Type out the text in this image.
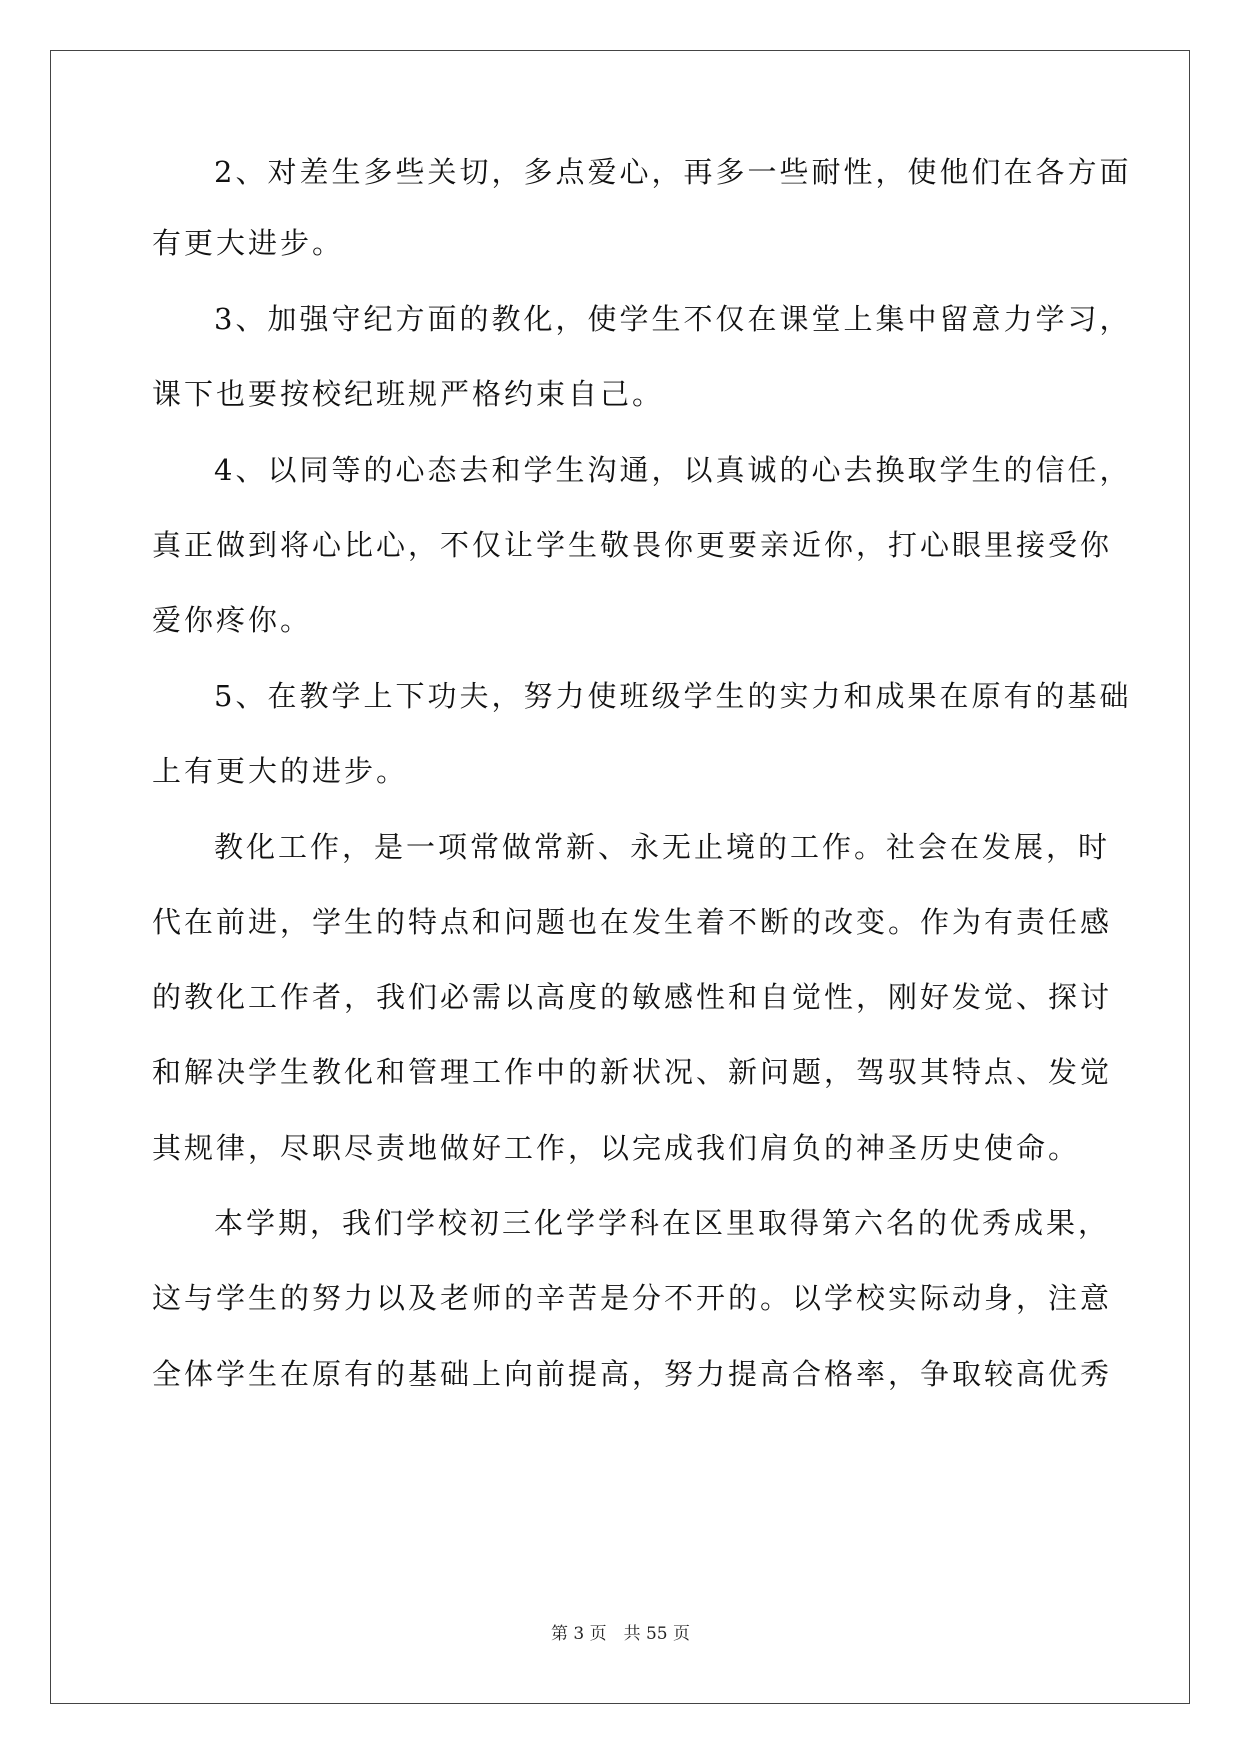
2、对差生多些关切，多点爱心，再多一些耐性，使他们在各方面
有更大进步。
3、加强守纪方面的教化，使学生不仅在课堂上集中留意力学习，
课下也要按校纪班规严格约束自己。
4、以同等的心态去和学生沟通，以真诚的心去换取学生的信任，
真正做到将心比心，不仅让学生敬畏你更要亲近你，打心眼里接受你
爱你疼你。
5、在教学上下功夫，努力使班级学生的实力和成果在原有的基础
上有更大的进步。
教化工作，是一项常做常新、永无止境的工作。社会在发展，时
代在前进，学生的特点和问题也在发生着不断的改变。作为有责任感
的教化工作者，我们必需以高度的敏感性和自觉性，刚好发觉、探讨
和解决学生教化和管理工作中的新状况、新问题，驾驭其特点、发觉
其规律，尽职尽责地做好工作，以完成我们肩负的神圣历史使命。
本学期，我们学校初三化学学科在区里取得第六名的优秀成果，
这与学生的努力以及老师的辛苦是分不开的。以学校实际动身，注意
全体学生在原有的基础上向前提高，努力提高合格率，争取较高优秀
第 3 页　共 55 页
